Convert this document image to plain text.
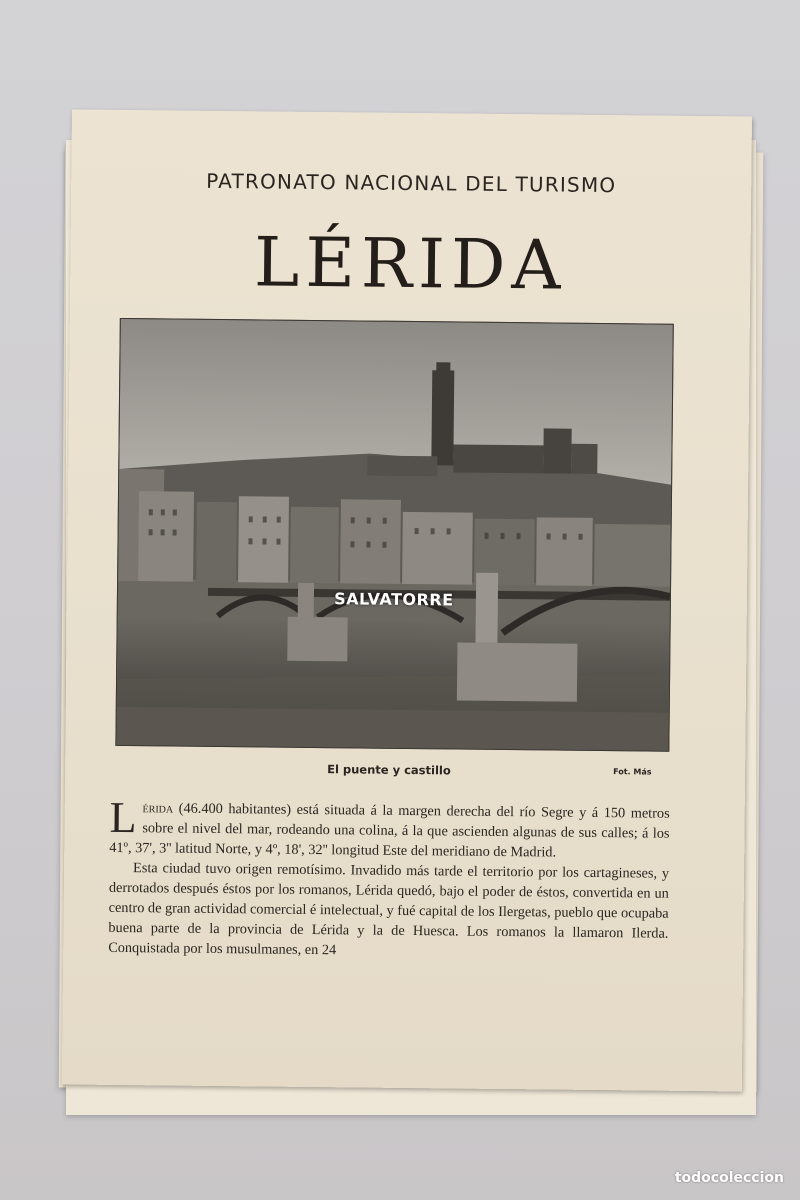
PATRONATO NACIONAL DEL TURISMO
LÉRIDA
SALVATORRE
El puente y castillo	Fot. Más

Lérida (46.400 habitantes) está situada á la margen derecha del río Segre y á 150 metros sobre el nivel del mar, rodeando una colina, á la que ascienden algunas de sus calles; á los 41º, 37', 3'' latitud Norte, y 4º, 18', 32'' longitud Este del meridiano de Madrid.

Esta ciudad tuvo origen remotísimo. Invadido más tarde el territorio por los cartagineses, y derrotados después éstos por los romanos, Lérida quedó, bajo el poder de éstos, convertida en un centro de gran actividad comercial é intelectual, y fué capital de los Ilergetas, pueblo que ocupaba buena parte de la provincia de Lérida y la de Huesca. Los romanos la llamaron Ilerda. Conquistada por los musulmanes, en 24

todocoleccion
